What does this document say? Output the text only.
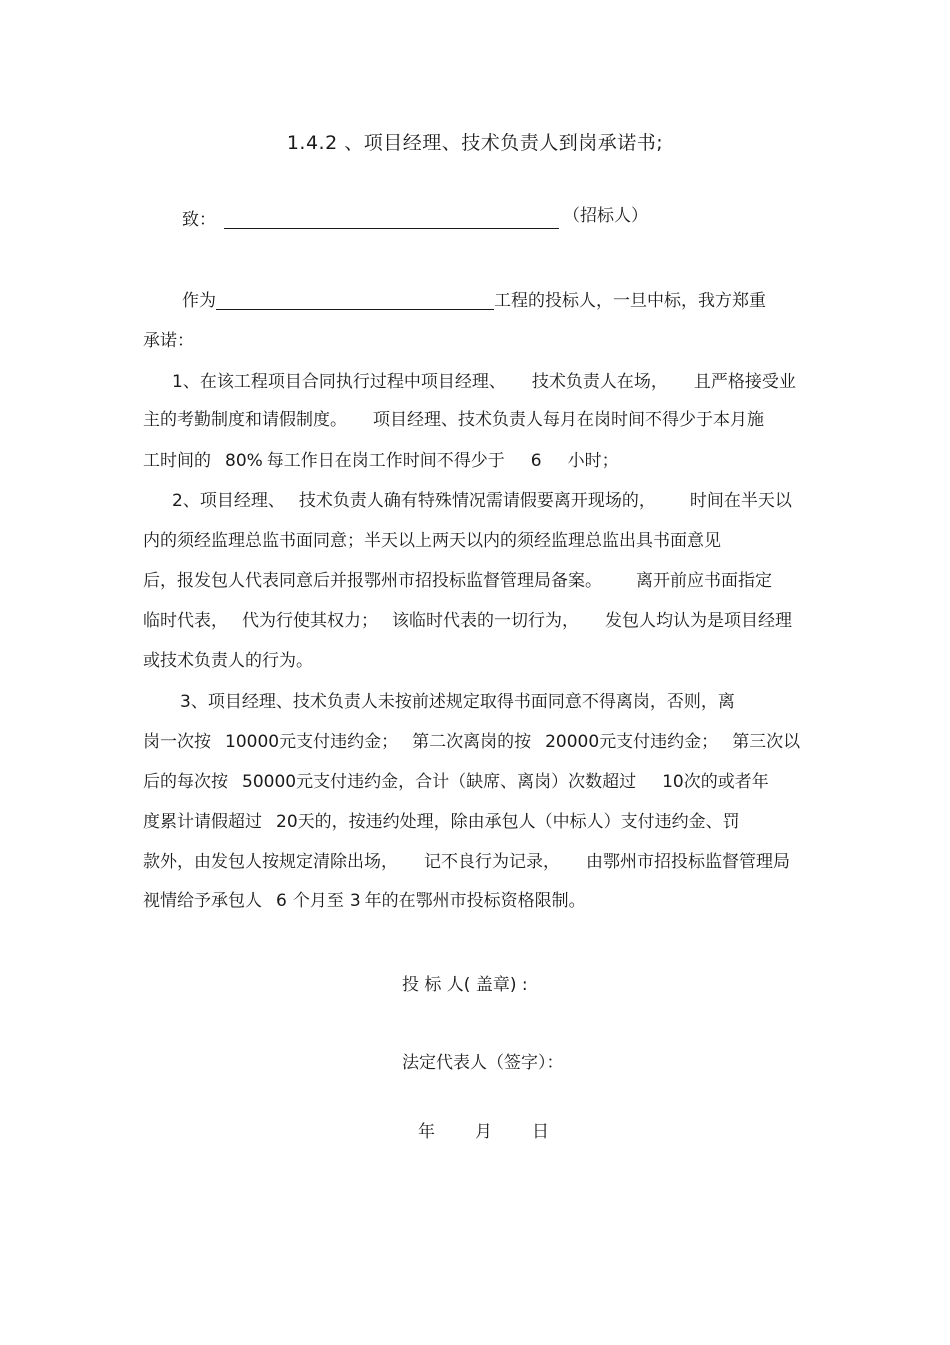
1.4.2 、项目经理、技术负责人到岗承诺书;
致：	（招标人）
作为	工程的投标人，一旦中标，我方郑重
承诺：
1、在该工程项目合同执行过程中项目经理、 技术负责人在场， 且严格接受业
主的考勤制度和请假制度。 项目经理、技术负责人每月在岗时间不得少于本月施
工时间的 80% 每工作日在岗工作时间不得少于 6 小时；
2、项目经理、 技术负责人确有特殊情况需请假要离开现场的， 时间在半天以
内的须经监理总监书面同意；半天以上两天以内的须经监理总监出具书面意见
后，报发包人代表同意后并报鄂州市招投标监督管理局备案。 离开前应书面指定
临时代表， 代为行使其权力； 该临时代表的一切行为， 发包人均认为是项目经理
或技术负责人的行为。
3、项目经理、技术负责人未按前述规定取得书面同意不得离岗，否则，离
岗一次按 10000元支付违约金； 第二次离岗的按 20000元支付违约金； 第三次以
后的每次按 50000元支付违约金，合计（缺席、离岗）次数超过 10次的或者年
度累计请假超过 20天的，按违约处理，除由承包人（中标人）支付违约金、罚
款外，由发包人按规定清除出场， 记不良行为记录， 由鄂州市招投标监督管理局
视情给予承包人 6 个月至 3 年的在鄂州市投标资格限制。
投 标 人( 盖章) :
法定代表人（签字）：
年 月 日
